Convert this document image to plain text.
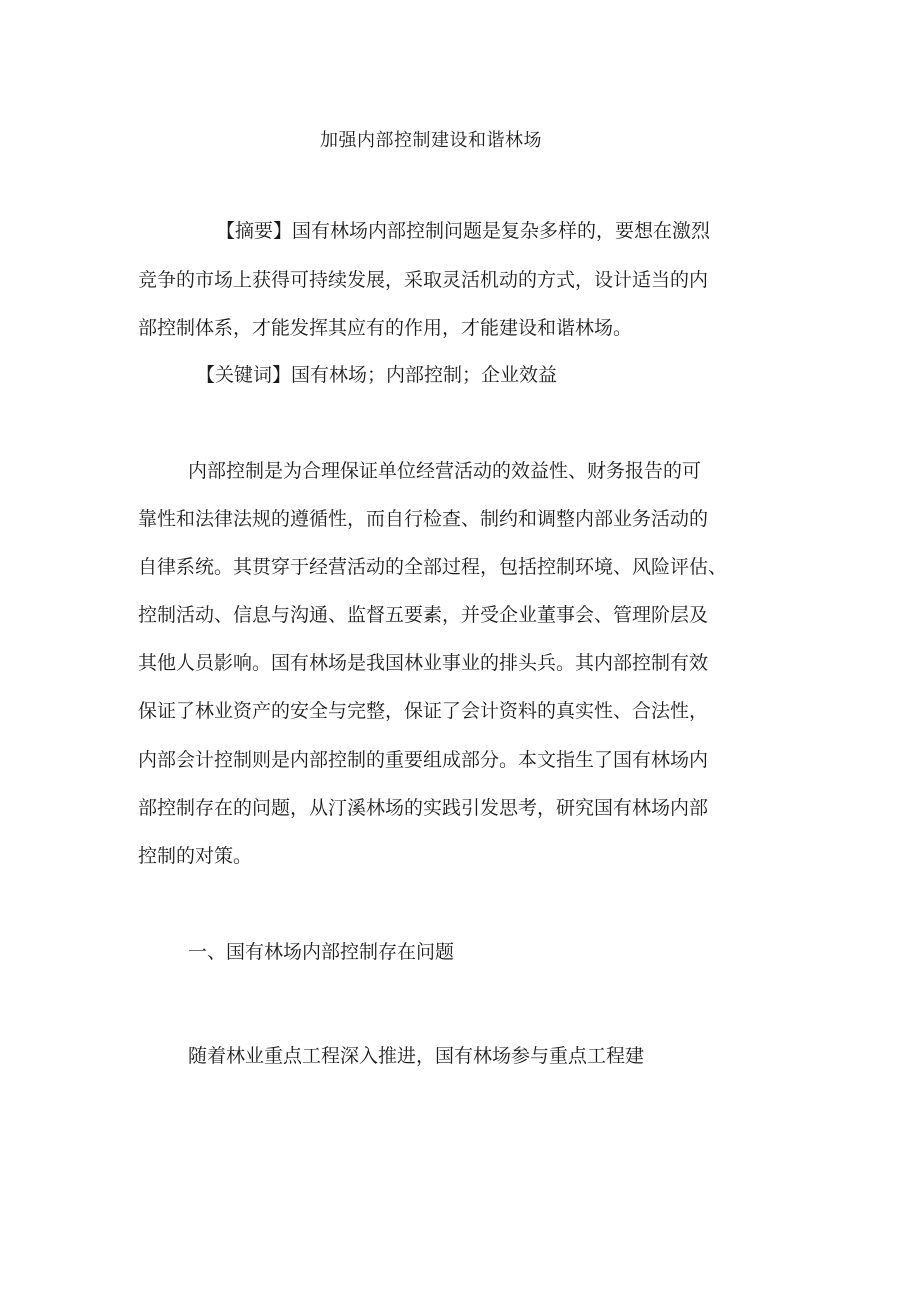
加强内部控制建设和谐林场
【摘要】国有林场内部控制问题是复杂多样的，要想在激烈
竞争的市场上获得可持续发展，采取灵活机动的方式，设计适当的内
部控制体系，才能发挥其应有的作用，才能建设和谐林场。
【关键词】国有林场；内部控制；企业效益
内部控制是为合理保证单位经营活动的效益性、财务报告的可
靠性和法律法规的遵循性，而自行检查、制约和调整内部业务活动的
自律系统。其贯穿于经营活动的全部过程，包括控制环境、风险评估、
控制活动、信息与沟通、监督五要素，并受企业董事会、管理阶层及
其他人员影响。国有林场是我国林业事业的排头兵。其内部控制有效
保证了林业资产的安全与完整，保证了会计资料的真实性、合法性，
内部会计控制则是内部控制的重要组成部分。本文指生了国有林场内
部控制存在的问题，从汀溪林场的实践引发思考，研究国有林场内部
控制的对策。
一、国有林场内部控制存在问题
随着林业重点工程深入推进，国有林场参与重点工程建
